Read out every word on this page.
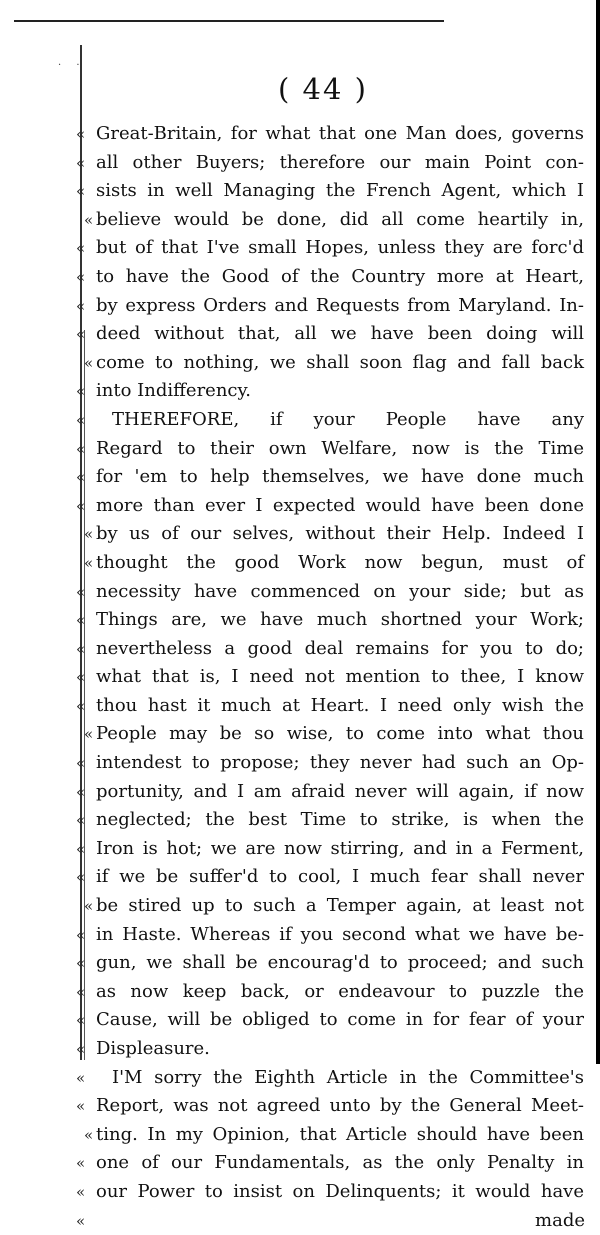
· ·
( 44 )
« Great-Britain, for what that one Man does, governs
« all other Buyers; therefore our main Point con-
« sists in well Managing the French Agent, which I
« believe would be done, did all come heartily in,
« but of that I've small Hopes, unless they are forc'd
« to have the Good of the Country more at Heart,
« by express Orders and Requests from Maryland. In-
« deed without that, all we have been doing will
« come to nothing, we shall soon flag and fall back
« into Indifferency.
« THEREFORE, if your People have any
« Regard to their own Welfare, now is the Time
« for 'em to help themselves, we have done much
« more than ever I expected would have been done
« by us of our selves, without their Help. Indeed I
« thought the good Work now begun, must of
« necessity have commenced on your side; but as
« Things are, we have much shortned your Work;
« nevertheless a good deal remains for you to do;
« what that is, I need not mention to thee, I know
« thou hast it much at Heart. I need only wish the
« People may be so wise, to come into what thou
« intendest to propose; they never had such an Op-
« portunity, and I am afraid never will again, if now
« neglected; the best Time to strike, is when the
« Iron is hot; we are now stirring, and in a Ferment,
« if we be suffer'd to cool, I much fear shall never
« be stired up to such a Temper again, at least not
« in Haste. Whereas if you second what we have be-
« gun, we shall be encourag'd to proceed; and such
« as now keep back, or endeavour to puzzle the
« Cause, will be obliged to come in for fear of your
« Displeasure.
« I'M sorry the Eighth Article in the Committee's
« Report, was not agreed unto by the General Meet-
« ting. In my Opinion, that Article should have been
« one of our Fundamentals, as the only Penalty in
« our Power to insist on Delinquents; it would have
«	made
